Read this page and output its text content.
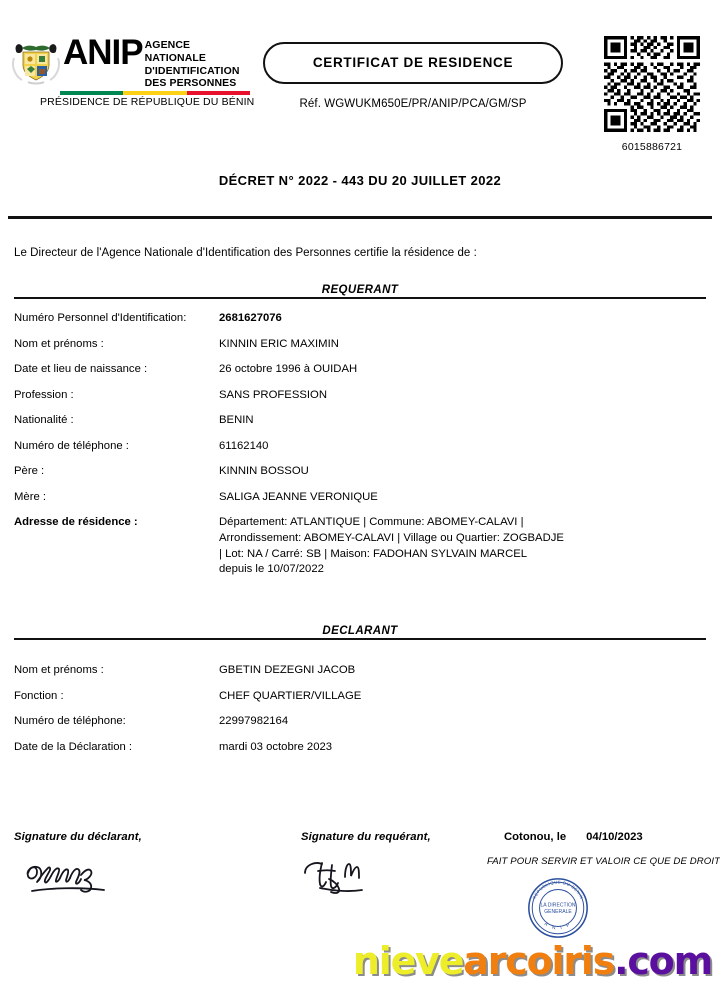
ANIP AGENCE NATIONALE
D'IDENTIFICATION
DES PERSONNES
PRÉSIDENCE DE RÉPUBLIQUE DU BÉNIN
CERTIFICAT DE RESIDENCE
Réf. WGWUKM650E/PR/ANIP/PCA/GM/SP
6015886721
DÉCRET N° 2022 - 443 DU 20 JUILLET 2022
Le Directeur de l'Agence Nationale d'Identification des Personnes certifie la résidence de :
REQUERANT
Numéro Personnel d'Identification:	2681627076
Nom et prénoms :	KINNIN ERIC MAXIMIN
Date et lieu de naissance :	26 octobre 1996 à OUIDAH
Profession :	SANS PROFESSION
Nationalité :	BENIN
Numéro de téléphone :	61162140
Père :	KINNIN BOSSOU
Mère :	SALIGA JEANNE VERONIQUE
Adresse de résidence :	Département: ATLANTIQUE | Commune: ABOMEY-CALAVI |
Arrondissement: ABOMEY-CALAVI | Village ou Quartier: ZOGBADJE
| Lot: NA / Carré: SB | Maison: FADOHAN SYLVAIN MARCEL
depuis le 10/07/2022
DECLARANT
Nom et prénoms :	GBETIN DEZEGNI JACOB
Fonction :	CHEF QUARTIER/VILLAGE
Numéro de téléphone:	22997982164
Date de la Déclaration :	mardi 03 octobre 2023
Signature du déclarant,	Signature du requérant,	Cotonou, le 04/10/2023
FAIT POUR SERVIR ET VALOIR CE QUE DE DROIT
REPUBLIQUE DU BENIN
A N I P
LA DIRECTION
GENERALE
nievearcoiris.com
